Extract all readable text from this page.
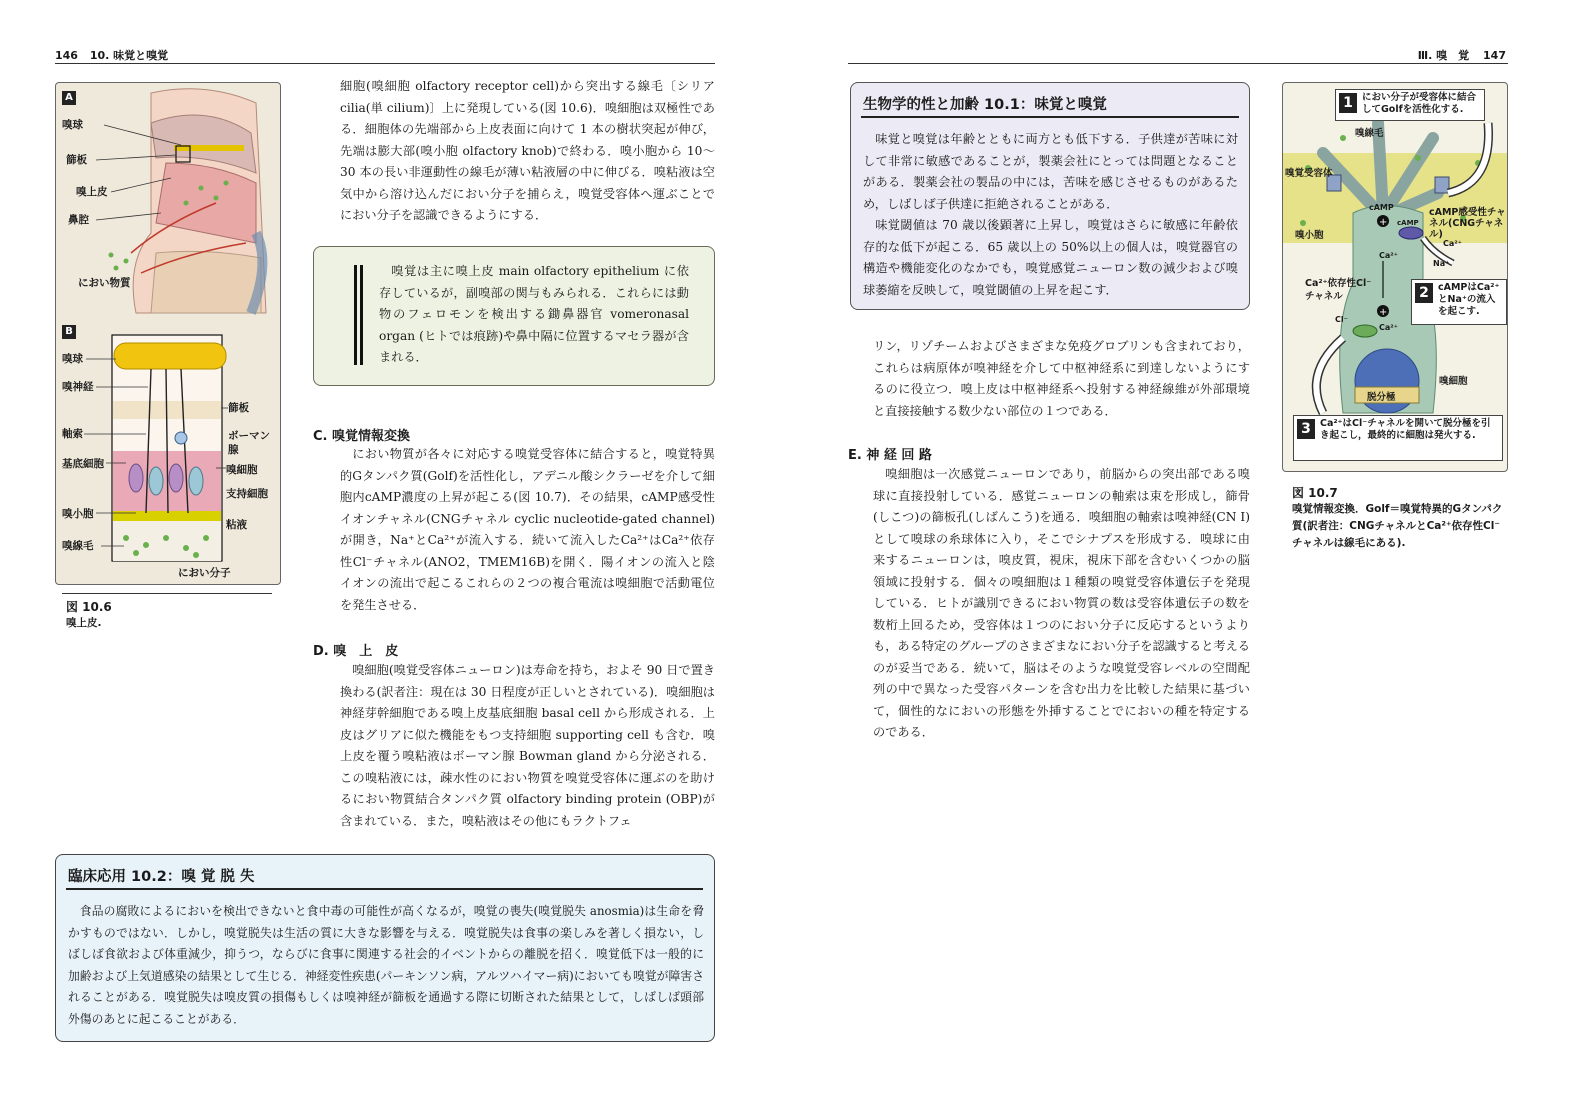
146 10. 味覚と嗅覚
A
B
嗅球
篩板
嗅上皮
鼻腔
におい物質
嗅球
嗅神経
軸索
基底細胞
嗅小胞
嗅線毛
篩板
ボーマン
腺
嗅細胞
支持細胞
粘液
におい分子
図 10.6
嗅上皮.

細胞(嗅細胞 olfactory receptor cell)から突出する線毛〔シリアcilia(単 cilium)〕上に発現している(図 10.6)．嗅細胞は双極性である．細胞体の先端部から上皮表面に向けて 1 本の樹状突起が伸び，先端は膨大部(嗅小胞 olfactory knob)で終わる．嗅小胞から 10～ 30 本の長い非運動性の線毛が薄い粘液層の中に伸びる．嗅粘液は空気中から溶け込んだにおい分子を捕らえ，嗅覚受容体へ運ぶことでにおい分子を認識できるようにする．

嗅覚は主に嗅上皮 main olfactory epithelium に依存しているが，副嗅部の関与もみられる．これらには動物のフェロモンを検出する鋤鼻器官 vomeronasal organ (ヒトでは痕跡)や鼻中隔に位置するマセラ器が含まれる．

C. 嗅覚情報変換

におい物質が各々に対応する嗅覚受容体に結合すると，嗅覚特異的Gタンパク質(Golf)を活性化し，アデニル酸シクラーゼを介して細胞内cAMP濃度の上昇が起こる(図 10.7)．その結果，cAMP感受性イオンチャネル(CNGチャネル cyclic nucleotide-gated channel)が開き，Na⁺とCa²⁺が流入する．続いて流入したCa²⁺はCa²⁺依存性Cl⁻チャネル(ANO2，TMEM16B)を開く．陽イオンの流入と陰イオンの流出で起こるこれらの２つの複合電流は嗅細胞で活動電位を発生させる．

D. 嗅　上　皮

嗅細胞(嗅覚受容体ニューロン)は寿命を持ち，およそ 90 日で置き換わる(訳者注：現在は 30 日程度が正しいとされている)．嗅細胞は神経芽幹細胞である嗅上皮基底細胞 basal cell から形成される．上皮はグリアに似た機能をもつ支持細胞 supporting cell も含む．嗅上皮を覆う嗅粘液はボーマン腺 Bowman gland から分泌される．この嗅粘液には，疎水性のにおい物質を嗅覚受容体に運ぶのを助けるにおい物質結合タンパク質 olfactory binding protein (OBP)が含まれている．また，嗅粘液はその他にもラクトフェ

臨床応用 10.2：嗅 覚 脱 失

食品の腐敗によるにおいを検出できないと食中毒の可能性が高くなるが，嗅覚の喪失(嗅覚脱失 anosmia)は生命を脅かすものではない．しかし，嗅覚脱失は生活の質に大きな影響を与える．嗅覚脱失は食事の楽しみを著しく損ない，しばしば食欲および体重減少，抑うつ，ならびに食事に関連する社会的イベントからの離脱を招く．嗅覚低下は一般的に加齢および上気道感染の結果として生じる．神経変性疾患(パーキンソン病，アルツハイマー病)においても嗅覚が障害されることがある．嗅覚脱失は嗅皮質の損傷もしくは嗅神経が篩板を通過する際に切断された結果として，しばしば頭部外傷のあとに起こることがある．

Ⅲ. 嗅　覚 147
生物学的性と加齢 10.1：味覚と嗅覚

味覚と嗅覚は年齢とともに両方とも低下する．子供達が苦味に対して非常に敏感であることが，製薬会社にとっては問題となることがある．製薬会社の製品の中には，苦味を感じさせるものがあるため，しばしば子供達に拒絶されることがある．

味覚閾値は 70 歳以後顕著に上昇し，嗅覚はさらに敏感に年齢依存的な低下が起こる．65 歳以上の 50%以上の個人は，嗅覚器官の構造や機能変化のなかでも，嗅覚感覚ニューロン数の減少および嗅球萎縮を反映して，嗅覚閾値の上昇を起こす．

リン，リゾチームおよびさまざまな免疫グロブリンも含まれており，これらは病原体が嗅神経を介して中枢神経系に到達しないようにするのに役立つ．嗅上皮は中枢神経系へ投射する神経線維が外部環境と直接接触する数少ない部位の１つである．

E. 神 経 回 路

嗅細胞は一次感覚ニューロンであり，前脳からの突出部である嗅球に直接投射している．感覚ニューロンの軸索は束を形成し，篩骨(しこつ)の篩板孔(しばんこう)を通る．嗅細胞の軸索は嗅神経(CN Ⅰ)として嗅球の糸球体に入り，そこでシナプスを形成する．嗅球に由来するニューロンは，嗅皮質，視床，視床下部を含むいくつかの脳領域に投射する．個々の嗅細胞は１種類の嗅覚受容体遺伝子を発現している．ヒトが識別できるにおい物質の数は受容体遺伝子の数を数桁上回るため，受容体は１つのにおい分子に反応するというよりも，ある特定のグループのさまざまなにおい分子を認識すると考えるのが妥当である．続いて，脳はそのような嗅覚受容レベルの空間配列の中で異なった受容パターンを含む出力を比較した結果に基づいて，個性的なにおいの形態を外挿することでにおいの種を特定するのである．

+
+
1 におい分子が受容体に結合してGolfを活性化する.
2 cAMPはCa²⁺とNa⁺の流入を起こす.
3 Ca²⁺はCl⁻チャネルを開いて脱分極を引き起こし，最終的に細胞は発火する.
嗅線毛
嗅覚受容体
cAMP感受性チャネル(CNGチャネル)
嗅小胞
cAMP
cAMP
Ca²⁺
Ca²⁺
Na⁺
Ca²⁺依存性Cl⁻チャネル
Cl⁻
Ca²⁺
嗅細胞
脱分極
図 10.7
嗅覚情報変換．Golf＝嗅覚特異的Gタンパク質(訳者注：CNGチャネルとCa²⁺依存性Cl⁻チャネルは線毛にある).
